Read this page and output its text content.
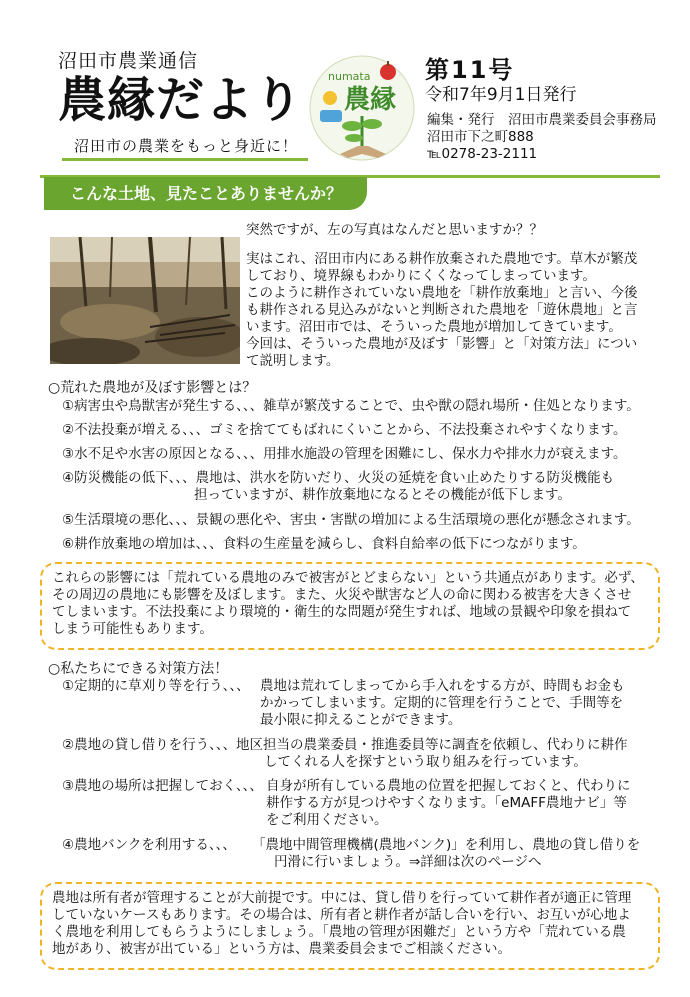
沼田市農業通信
農縁だより
沼田市の農業をもっと身近に！
numata
農縁
第11号
令和7年9月1日発行
編集・発行　沼田市農業委員会事務局
沼田市下之町888
℡0278-23-2111
こんな土地、見たことありませんか？

突然ですが、左の写真はなんだと思いますか？？

実はこれ、沼田市内にある耕作放棄された農地です。草木が繁茂
しており、境界線もわかりにくくなってしまっています。
このように耕作されていない農地を「耕作放棄地」と言い、今後
も耕作される見込みがないと判断された農地を「遊休農地」と言
います。沼田市では、そういった農地が増加してきています。
今回は、そういった農地が及ぼす「影響」と「対策方法」につい
て説明します。
○荒れた農地が及ぼす影響とは？
①病害虫や鳥獣害が発生する、、、雑草が繁茂することで、虫や獣の隠れ場所・住処となります。
②不法投棄が増える、、、ゴミを捨ててもばれにくいことから、不法投棄されやすくなります。
③水不足や水害の原因となる、、、用排水施設の管理を困難にし、保水力や排水力が衰えます。
④防災機能の低下、、、農地は、洪水を防いだり、火災の延焼を食い止めたりする防災機能も
担っていますが、耕作放棄地になるとその機能が低下します。
⑤生活環境の悪化、、、景観の悪化や、害虫・害獣の増加による生活環境の悪化が懸念されます。
⑥耕作放棄地の増加は、、、食料の生産量を減らし、食料自給率の低下につながります。
これらの影響には「荒れている農地のみで被害がとどまらない」という共通点があります。必ず、
その周辺の農地にも影響を及ぼします。また、火災や獣害など人の命に関わる被害を大きくさせ
てしまいます。不法投棄により環境的・衛生的な問題が発生すれば、地域の景観や印象を損ねて
しまう可能性もあります。
○私たちにできる対策方法！
①定期的に草刈り等を行う、、、 農地は荒れてしまってから手入れをする方が、時間もお金も
かかってしまいます。定期的に管理を行うことで、手間等を
最小限に抑えることができます。
②農地の貸し借りを行う、、、 地区担当の農業委員・推進委員等に調査を依頼し、代わりに耕作
してくれる人を探すという取り組みを行っています。
③農地の場所は把握しておく、、、 自身が所有している農地の位置を把握しておくと、代わりに
耕作する方が見つけやすくなります。「eMAFF農地ナビ」等
をご利用ください。
④農地バンクを利用する、、、 「農地中間管理機構(農地バンク)」を利用し、農地の貸し借りを
円滑に行いましょう。⇒詳細は次のページへ
農地は所有者が管理することが大前提です。中には、貸し借りを行っていて耕作者が適正に管理
していないケースもあります。その場合は、所有者と耕作者が話し合いを行い、お互いが心地よ
く農地を利用してもらうようにしましょう。「農地の管理が困難だ」という方や「荒れている農
地があり、被害が出ている」という方は、農業委員会までご相談ください。
